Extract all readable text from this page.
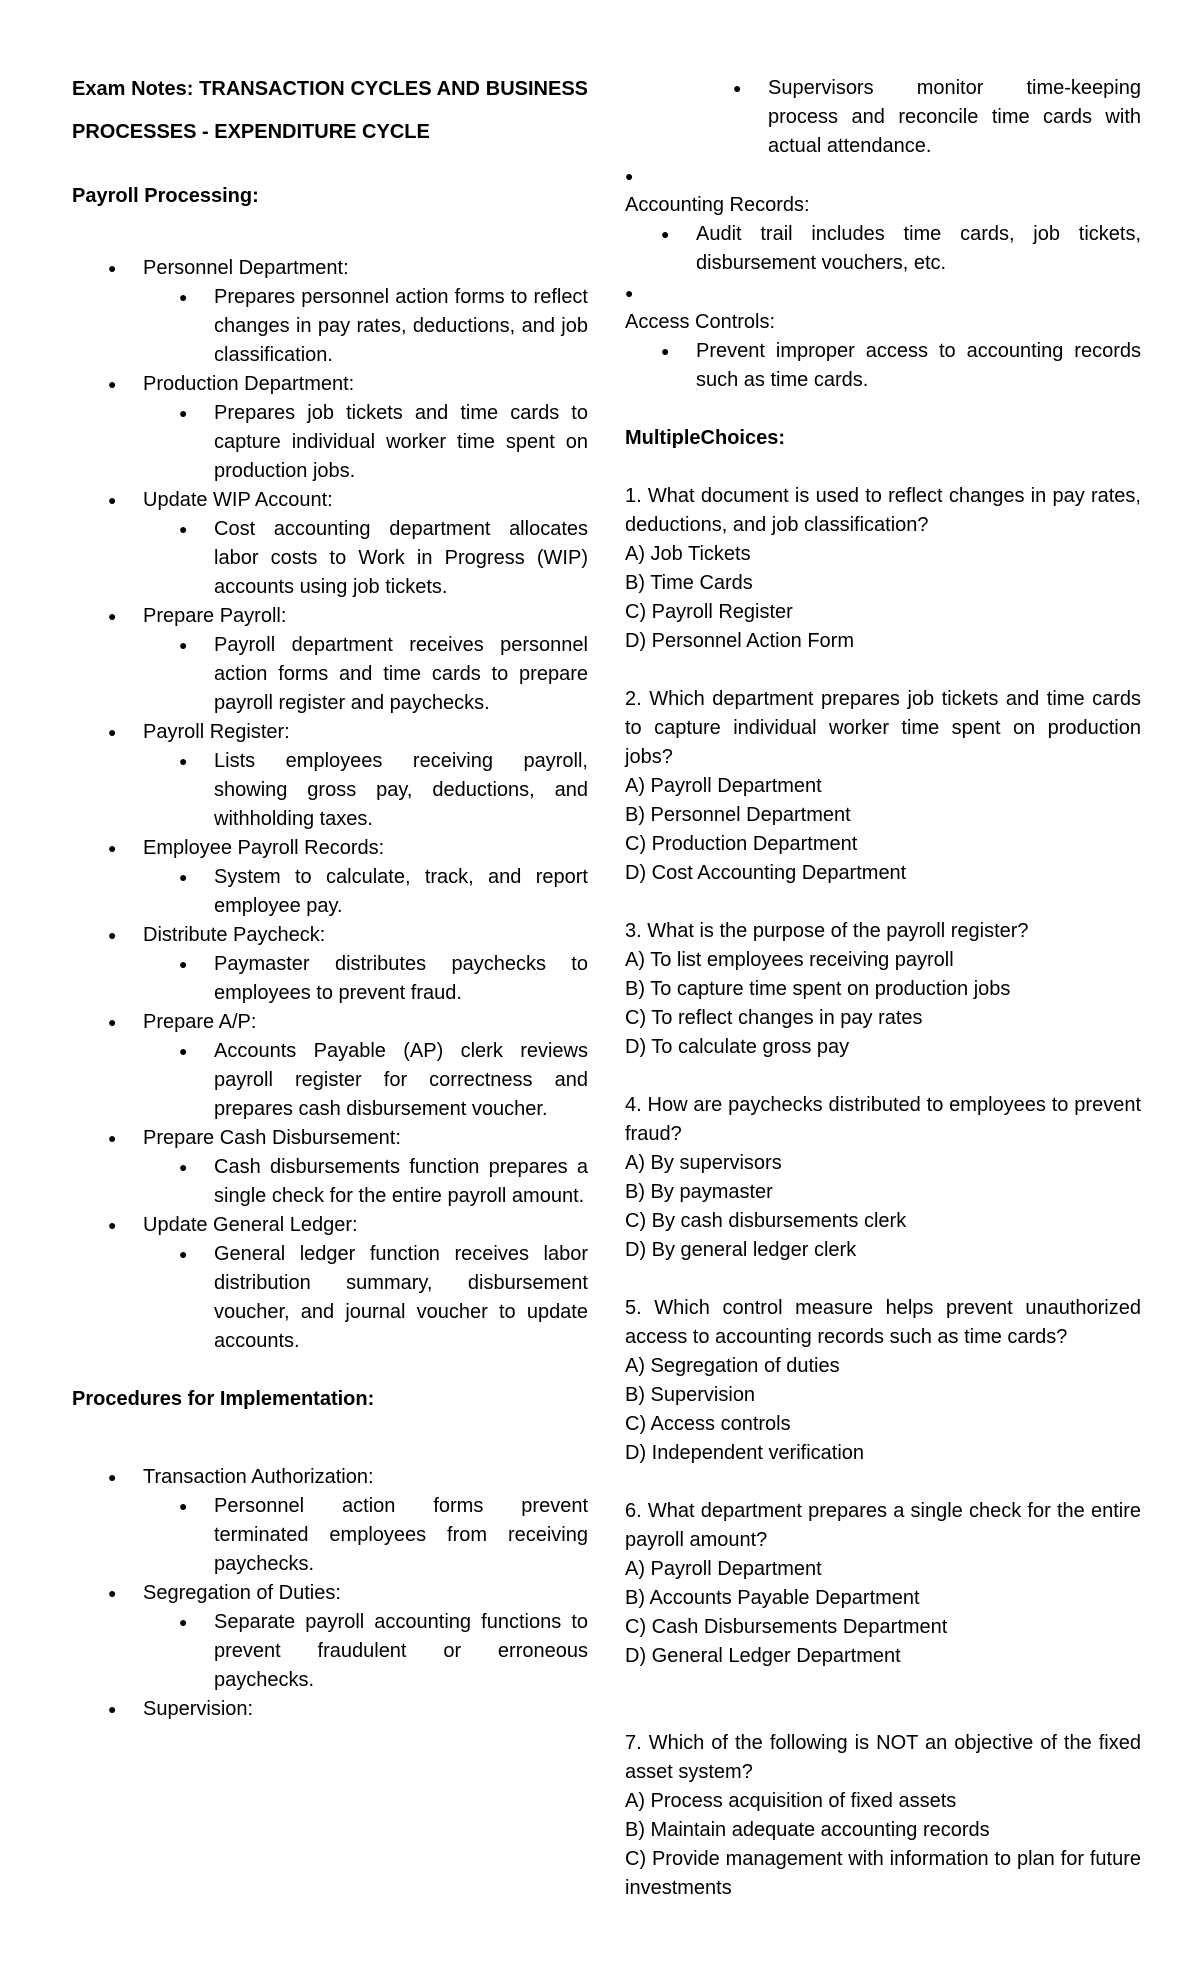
Exam Notes: TRANSACTION CYCLES AND BUSINESS PROCESSES - EXPENDITURE CYCLE

Payroll Processing:

● Personnel Department:
● Prepares personnel action forms to reflect changes in pay rates, deductions, and job classification.
● Production Department:
● Prepares job tickets and time cards to capture individual worker time spent on production jobs.
● Update WIP Account:
● Cost accounting department allocates labor costs to Work in Progress (WIP) accounts using job tickets.
● Prepare Payroll:
● Payroll department receives personnel action forms and time cards to prepare payroll register and paychecks.
● Payroll Register:
● Lists employees receiving payroll, showing gross pay, deductions, and withholding taxes.
● Employee Payroll Records:
● System to calculate, track, and report employee pay.
● Distribute Paycheck:
● Paymaster distributes paychecks to employees to prevent fraud.
● Prepare A/P:
● Accounts Payable (AP) clerk reviews payroll register for correctness and prepares cash disbursement voucher.
● Prepare Cash Disbursement:
● Cash disbursements function prepares a single check for the entire payroll amount.
● Update General Ledger:
● General ledger function receives labor distribution summary, disbursement voucher, and journal voucher to update accounts.

Procedures for Implementation:

● Transaction Authorization:
● Personnel action forms prevent terminated employees from receiving paychecks.
● Segregation of Duties:
● Separate payroll accounting functions to prevent fraudulent or erroneous paychecks.
● Supervision:
● Supervisors monitor time-keeping process and reconcile time cards with actual attendance.
●
Accounting Records:
● Audit trail includes time cards, job tickets, disbursement vouchers, etc.
●
Access Controls:
● Prevent improper access to accounting records such as time cards.

MultipleChoices:

1. What document is used to reflect changes in pay rates, deductions, and job classification?
A) Job Tickets
B) Time Cards
C) Payroll Register
D) Personnel Action Form
2. Which department prepares job tickets and time cards to capture individual worker time spent on production jobs?
A) Payroll Department
B) Personnel Department
C) Production Department
D) Cost Accounting Department
3. What is the purpose of the payroll register?
A) To list employees receiving payroll
B) To capture time spent on production jobs
C) To reflect changes in pay rates
D) To calculate gross pay
4. How are paychecks distributed to employees to prevent fraud?
A) By supervisors
B) By paymaster
C) By cash disbursements clerk
D) By general ledger clerk
5. Which control measure helps prevent unauthorized access to accounting records such as time cards?
A) Segregation of duties
B) Supervision
C) Access controls
D) Independent verification
6. What department prepares a single check for the entire payroll amount?
A) Payroll Department
B) Accounts Payable Department
C) Cash Disbursements Department
D) General Ledger Department
7. Which of the following is NOT an objective of the fixed asset system?
A) Process acquisition of fixed assets
B) Maintain adequate accounting records
C) Provide management with information to plan for future investments
